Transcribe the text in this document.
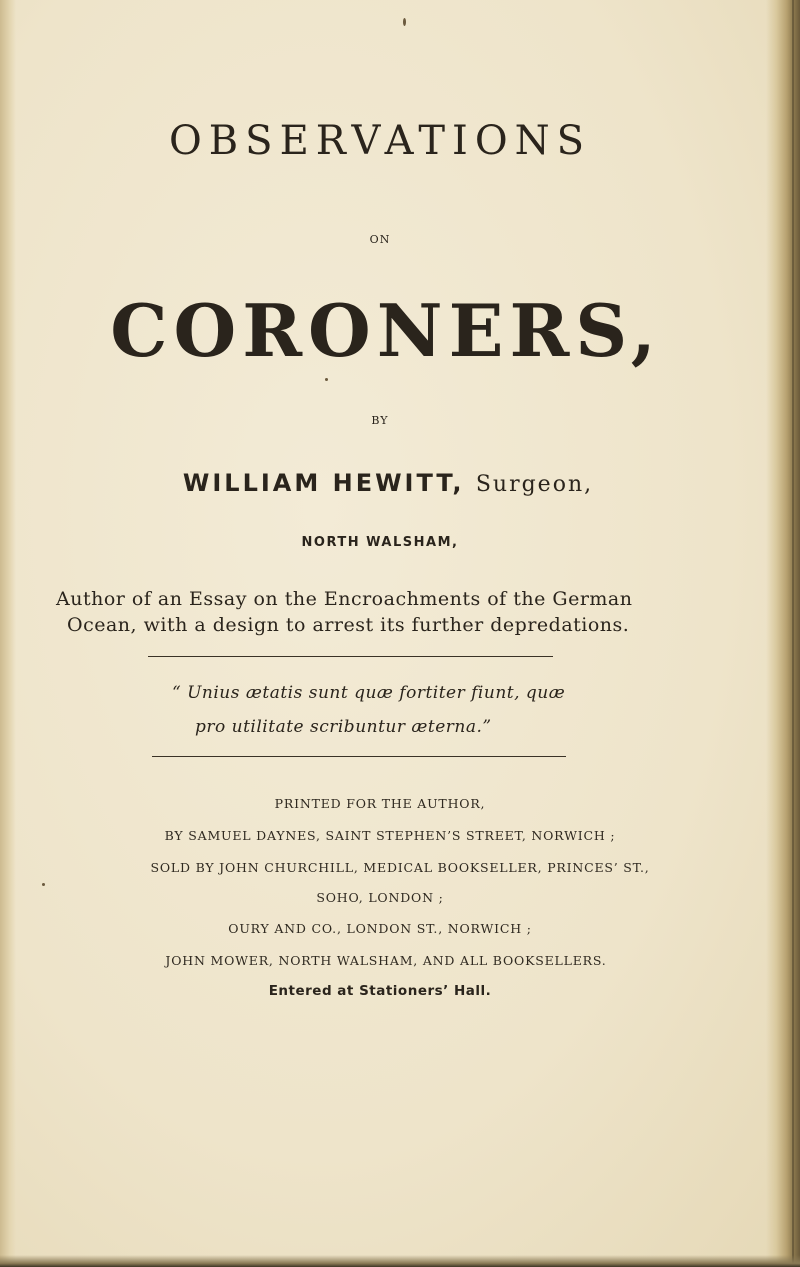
OBSERVATIONS
ON
CORONERS,
BY
WILLIAM HEWITT, Surgeon,
NORTH WALSHAM,
Author of an Essay on the Encroachments of the German
Ocean, with a design to arrest its further depredations.
“ Unius ætatis sunt quæ fortiter fiunt, quæ
pro utilitate scribuntur æterna.”
PRINTED FOR THE AUTHOR,
BY SAMUEL DAYNES, SAINT STEPHEN’S STREET, NORWICH ;
SOLD BY JOHN CHURCHILL, MEDICAL BOOKSELLER, PRINCES’ ST.,
SOHO, LONDON ;
OURY AND CO., LONDON ST., NORWICH ;
JOHN MOWER, NORTH WALSHAM, AND ALL BOOKSELLERS.
Entered at Stationers’ Hall.
